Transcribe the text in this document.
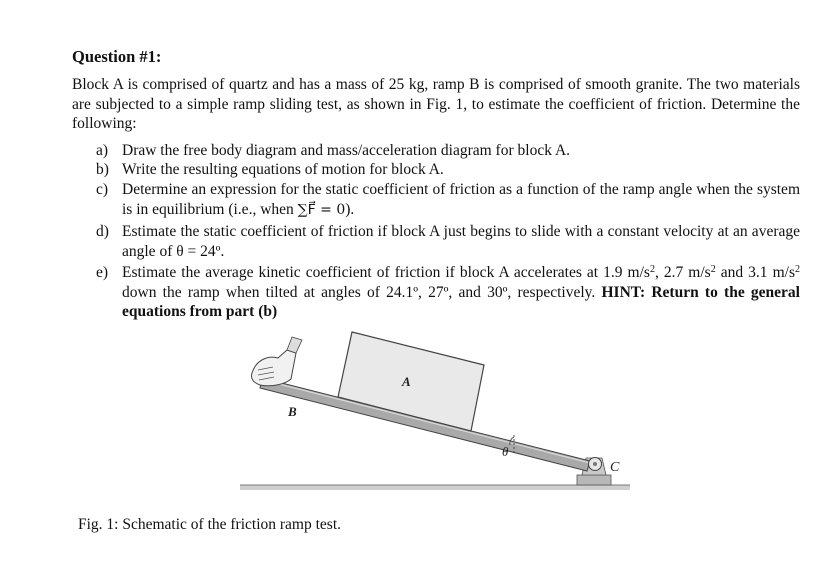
Question #1:
Block A is comprised of quartz and has a mass of 25 kg, ramp B is comprised of smooth granite. The two materials are subjected to a simple ramp sliding test, as shown in Fig. 1, to estimate the coefficient of friction. Determine the following:
a) Draw the free body diagram and mass/acceleration diagram for block A.
b) Write the resulting equations of motion for block A.
c) Determine an expression for the static coefficient of friction as a function of the ramp angle when the system is in equilibrium (i.e., when ∑F⃗ = 0).
d) Estimate the static coefficient of friction if block A just begins to slide with a constant velocity at an average angle of θ = 24º.
e) Estimate the average kinetic coefficient of friction if block A accelerates at 1.9 $m/s^2$, 2.7 $m/s^2$ and 3.1 $m/s^2$ down the ramp when tilted at angles of 24.1º, 27º, and 30º, respectively. HINT: Return to the general equations from part (b)
A
B
C
θ
Fig. 1: Schematic of the friction ramp test.
